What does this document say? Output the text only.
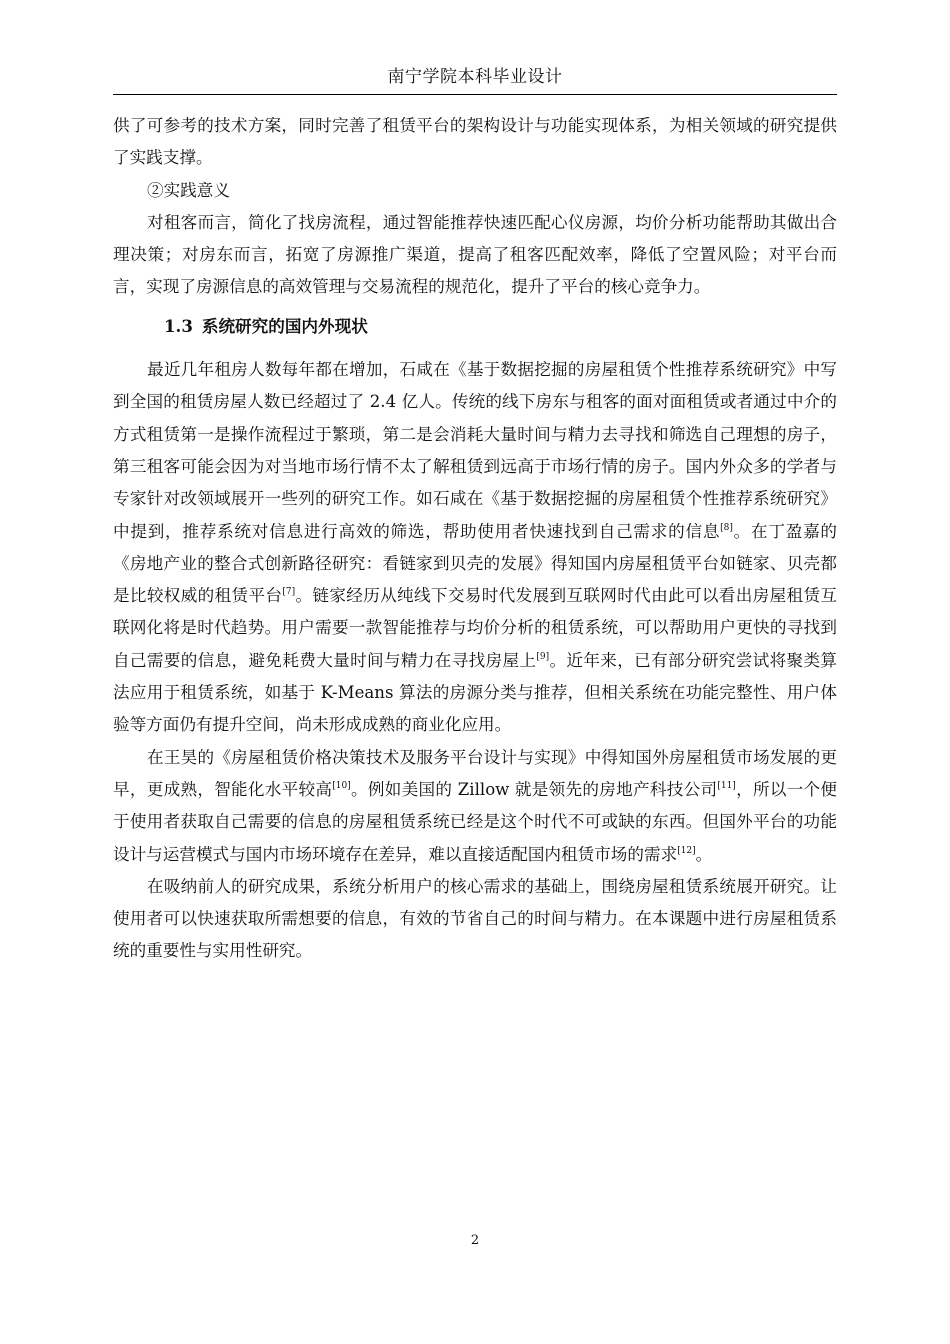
南宁学院本科毕业设计

供了可参考的技术方案，同时完善了租赁平台的架构设计与功能实现体系，为相关领域的研究提供了实践支撑。

②实践意义

对租客而言，简化了找房流程，通过智能推荐快速匹配心仪房源，均价分析功能帮助其做出合理决策；对房东而言，拓宽了房源推广渠道，提高了租客匹配效率，降低了空置风险；对平台而言，实现了房源信息的高效管理与交易流程的规范化，提升了平台的核心竞争力。

1.3 系统研究的国内外现状

最近几年租房人数每年都在增加，石咸在《基于数据挖掘的房屋租赁个性推荐系统研究》中写到全国的租赁房屋人数已经超过了 2.4 亿人。传统的线下房东与租客的面对面租赁或者通过中介的方式租赁第一是操作流程过于繁琐，第二是会消耗大量时间与精力去寻找和筛选自己理想的房子，第三租客可能会因为对当地市场行情不太了解租赁到远高于市场行情的房子。国内外众多的学者与专家针对改领域展开一些列的研究工作。如石咸在《基于数据挖掘的房屋租赁个性推荐系统研究》中提到，推荐系统对信息进行高效的筛选，帮助使用者快速找到自己需求的信息[8]。在丁盈嘉的《房地产业的整合式创新路径研究：看链家到贝壳的发展》得知国内房屋租赁平台如链家、贝壳都是比较权威的租赁平台[7]。链家经历从纯线下交易时代发展到互联网时代由此可以看出房屋租赁互联网化将是时代趋势。用户需要一款智能推荐与均价分析的租赁系统，可以帮助用户更快的寻找到自己需要的信息，避免耗费大量时间与精力在寻找房屋上[9]。近年来，已有部分研究尝试将聚类算法应用于租赁系统，如基于 K-Means 算法的房源分类与推荐，但相关系统在功能完整性、用户体验等方面仍有提升空间，尚未形成成熟的商业化应用。

在王昊的《房屋租赁价格决策技术及服务平台设计与实现》中得知国外房屋租赁市场发展的更早，更成熟，智能化水平较高[10]。例如美国的 Zillow 就是领先的房地产科技公司[11]，所以一个便于使用者获取自己需要的信息的房屋租赁系统已经是这个时代不可或缺的东西。但国外平台的功能设计与运营模式与国内市场环境存在差异，难以直接适配国内租赁市场的需求[12]。

在吸纳前人的研究成果，系统分析用户的核心需求的基础上，围绕房屋租赁系统展开研究。让使用者可以快速获取所需想要的信息，有效的节省自己的时间与精力。在本课题中进行房屋租赁系统的重要性与实用性研究。

2
